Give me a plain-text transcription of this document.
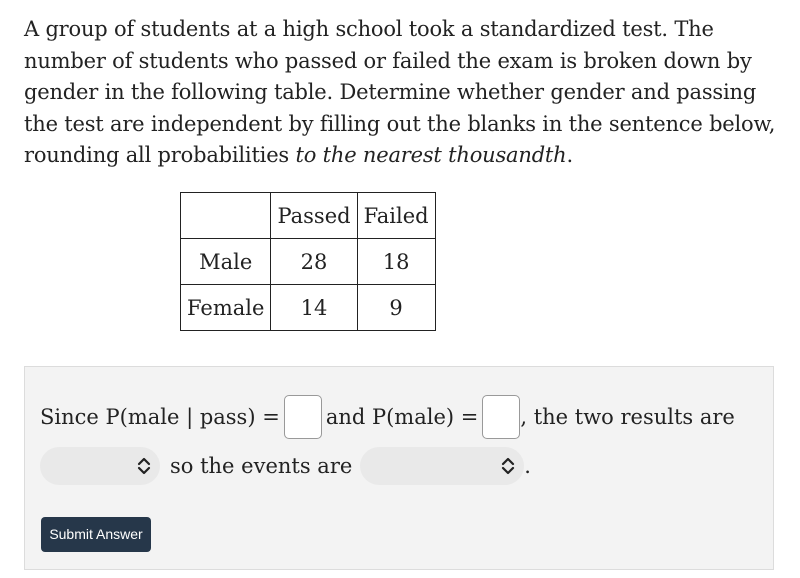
A group of students at a high school took a standardized test. The number of students who passed or failed the exam is broken down by gender in the following table. Determine whether gender and passing the test are independent by filling out the blanks in the sentence below, rounding all probabilities to the nearest thousandth.
	Passed	Failed
Male	28	18
Female	14	9
Since P(male | pass) = and P(male) = , the two results are
so the events are	.
Submit Answer
